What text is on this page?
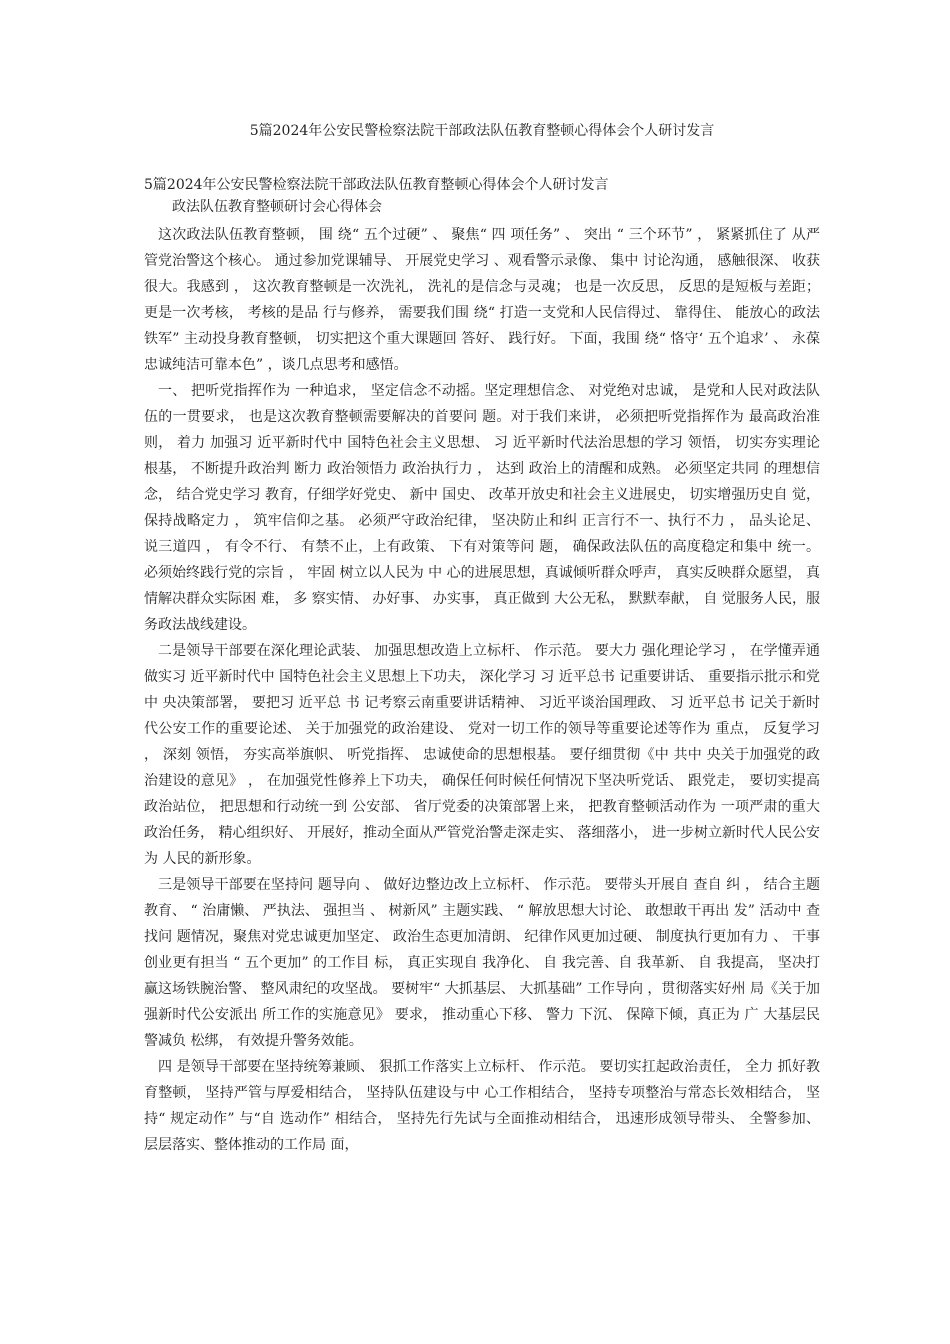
5篇2024年公安民警检察法院干部政法队伍教育整顿心得体会个人研讨发言

5篇2024年公安民警检察法院干部政法队伍教育整顿心得体会个人研讨发言

政法队伍教育整顿研讨会心得体会

这次政法队伍教育整顿， 围 绕“ 五个过硬” 、 聚焦“ 四 项任务” 、 突出 “ 三个环节” ， 紧紧抓住了 从严管党治警这个核心。 通过参加党课辅导、 开展党史学习 、观看警示录像、 集中 讨论沟通， 感触很深、 收获很大。我感到 ， 这次教育整顿是一次洗礼， 洗礼的是信念与灵魂； 也是一次反思， 反思的是短板与差距； 更是一次考核， 考核的是品 行与修养， 需要我们围 绕“ 打造一支党和人民信得过、 靠得住、 能放心的政法铁军” 主动投身教育整顿， 切实把这个重大课题回 答好、 践行好。 下面，我围 绕“ 恪守‘ 五个追求’ 、 永葆忠诚纯洁可靠本色” ，谈几点思考和感悟。

一、 把听党指挥作为 一种追求， 坚定信念不动摇。坚定理想信念、 对党绝对忠诚， 是党和人民对政法队伍的一贯要求， 也是这次教育整顿需要解决的首要问 题。对于我们来讲， 必须把听党指挥作为 最高政治准则， 着力 加强习 近平新时代中 国特色社会主义思想、 习 近平新时代法治思想的学习 领悟， 切实夯实理论根基， 不断提升政治判 断力 政治领悟力 政治执行力 ， 达到 政治上的清醒和成熟。 必须坚定共同 的理想信念， 结合党史学习 教育，仔细学好党史、 新中 国史、 改革开放史和社会主义进展史， 切实增强历史自 觉， 保持战略定力 ， 筑牢信仰之基。 必须严守政治纪律， 坚决防止和纠 正言行不一、执行不力 ， 品头论足、 说三道四 ， 有令不行、 有禁不止，上有政策、 下有对策等问 题， 确保政法队伍的高度稳定和集中 统一。 必须始终践行党的宗旨 ， 牢固 树立以人民为 中 心的进展思想，真诚倾听群众呼声， 真实反映群众愿望， 真情解决群众实际困 难， 多 察实情、 办好事、 办实事， 真正做到 大公无私， 默默奉献， 自 觉服务人民，服务政法战线建设。

二是领导干部要在深化理论武装、 加强思想改造上立标杆、 作示范。 要大力 强化理论学习 ， 在学懂弄通做实习 近平新时代中 国特色社会主义思想上下功夫， 深化学习 习 近平总书 记重要讲话、 重要指示批示和党中 央决策部署， 要把习 近平总 书 记考察云南重要讲话精神、 习近平谈治国理政、 习 近平总书 记关于新时代公安工作的重要论述、 关于加强党的政治建设、 党对一切工作的领导等重要论述等作为 重点， 反复学习 ， 深刻 领悟， 夯实高举旗帜、 听党指挥、 忠诚使命的思想根基。 要仔细贯彻《中 共中 央关于加强党的政治建设的意见》 ， 在加强党性修养上下功夫， 确保任何时候任何情况下坚决听党话、 跟党走， 要切实提高政治站位， 把思想和行动统一到 公安部、 省厅党委的决策部署上来， 把教育整顿活动作为 一项严肃的重大政治任务， 精心组织好、 开展好，推动全面从严管党治警走深走实、 落细落小， 进一步树立新时代人民公安为 人民的新形象。

三是领导干部要在坚持问 题导向 、 做好边整边改上立标杆、 作示范。 要带头开展自 查自 纠 ， 结合主题教育、 “ 治庸懒、 严执法、 强担当 、 树新风” 主题实践、 “ 解放思想大讨论、 敢想敢干再出 发” 活动中 查找问 题情况，聚焦对党忠诚更加坚定、 政治生态更加清朗、 纪律作风更加过硬、 制度执行更加有力 、 干事创业更有担当 “ 五个更加” 的工作目 标， 真正实现自 我净化、 自 我完善、自 我革新、 自 我提高， 坚决打赢这场铁腕治警、 整风肃纪的攻坚战。 要树牢“ 大抓基层、 大抓基础” 工作导向 ，贯彻落实好州 局《关于加强新时代公安派出 所工作的实施意见》 要求， 推动重心下移、 警力 下沉、 保障下倾，真正为 广 大基层民警减负 松绑， 有效提升警务效能。

四 是领导干部要在坚持统筹兼顾、 狠抓工作落实上立标杆、 作示范。 要切实扛起政治责任， 全力 抓好教育整顿， 坚持严管与厚爱相结合， 坚持队伍建设与中 心工作相结合， 坚持专项整治与常态长效相结合， 坚持“ 规定动作” 与“自 选动作” 相结合， 坚持先行先试与全面推动相结合， 迅速形成领导带头、 全警参加、 层层落实、整体推动的工作局 面，
